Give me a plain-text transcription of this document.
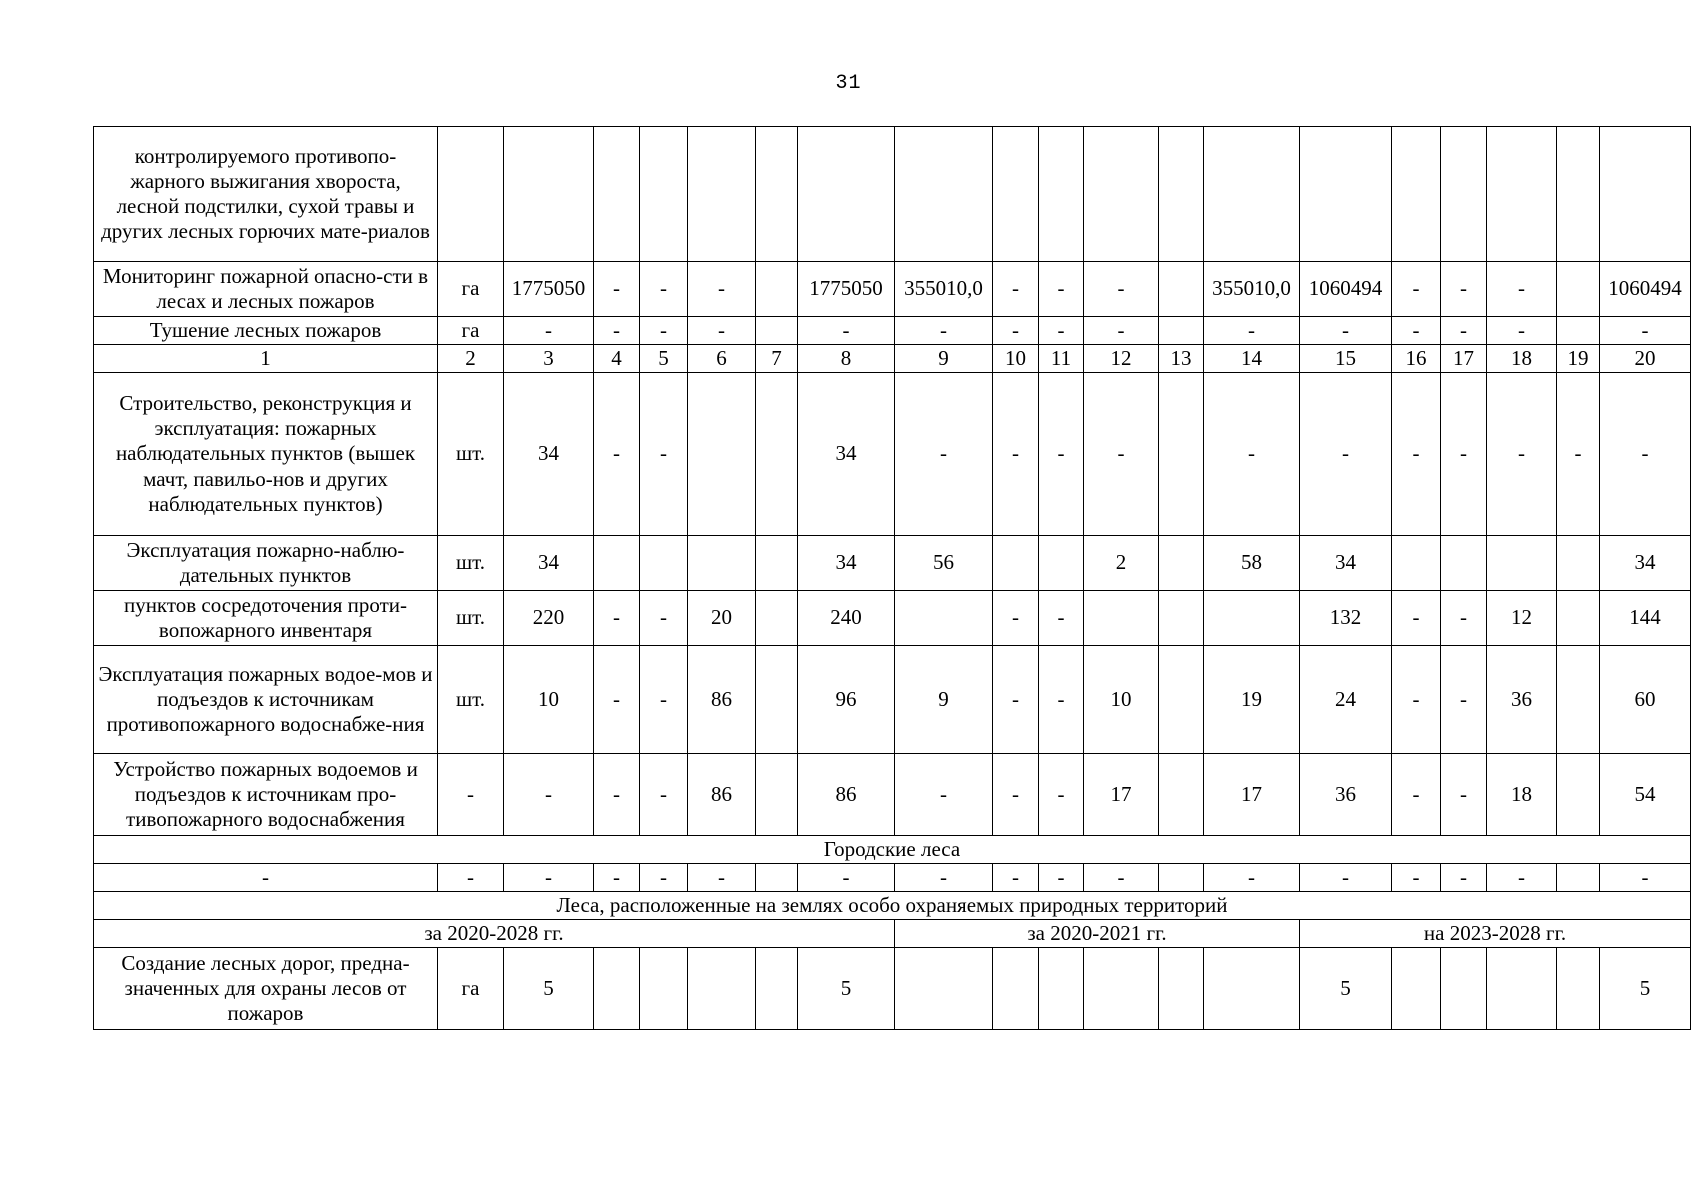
31
контролируемого противопо-жарного выжигания хвороста, лесной подстилки, сухой травы и других лесных горючих мате-риалов																			
Мониторинг пожарной опасно-сти в лесах и лесных пожаров	га	1775050	-	-	-		1775050	355010,0	-	-	-		355010,0	1060494	-	-	-		1060494
Тушение лесных пожаров	га	-	-	-	-		-	-	-	-	-		-	-	-	-	-		-
1	2	3	4	5	6	7	8	9	10	11	12	13	14	15	16	17	18	19	20
Строительство, реконструкция и эксплуатация: пожарных наблюдательных пунктов (вышек мачт, павильо-нов и других наблюдательных пунктов)	шт.	34	-	-			34	-	-	-	-		-	-	-	-	-	-	-
Эксплуатация пожарно-наблю-дательных пунктов	шт.	34					34	56			2		58	34					34
пунктов сосредоточения проти-вопожарного инвентаря	шт.	220	-	-	20		240		-	-				132	-	-	12		144
Эксплуатация пожарных водое-мов и подъездов к источникам противопожарного водоснабже-ния	шт.	10	-	-	86		96	9	-	-	10		19	24	-	-	36		60
Устройство пожарных водоемов и подъездов к источникам про-тивопожарного водоснабжения	-	-	-	-	86		86	-	-	-	17		17	36	-	-	18		54
Городские леса																			
-	-	-	-	-	-		-	-	-	-	-		-	-	-	-	-		-
Леса, расположенные на землях особо охраняемых природных территорий																			
за 2020-2028 гг.								за 2020-2021 гг.						на 2023-2028 гг.					
Создание лесных дорог, предна-значенных для охраны лесов от пожаров	га	5					5							5					5
